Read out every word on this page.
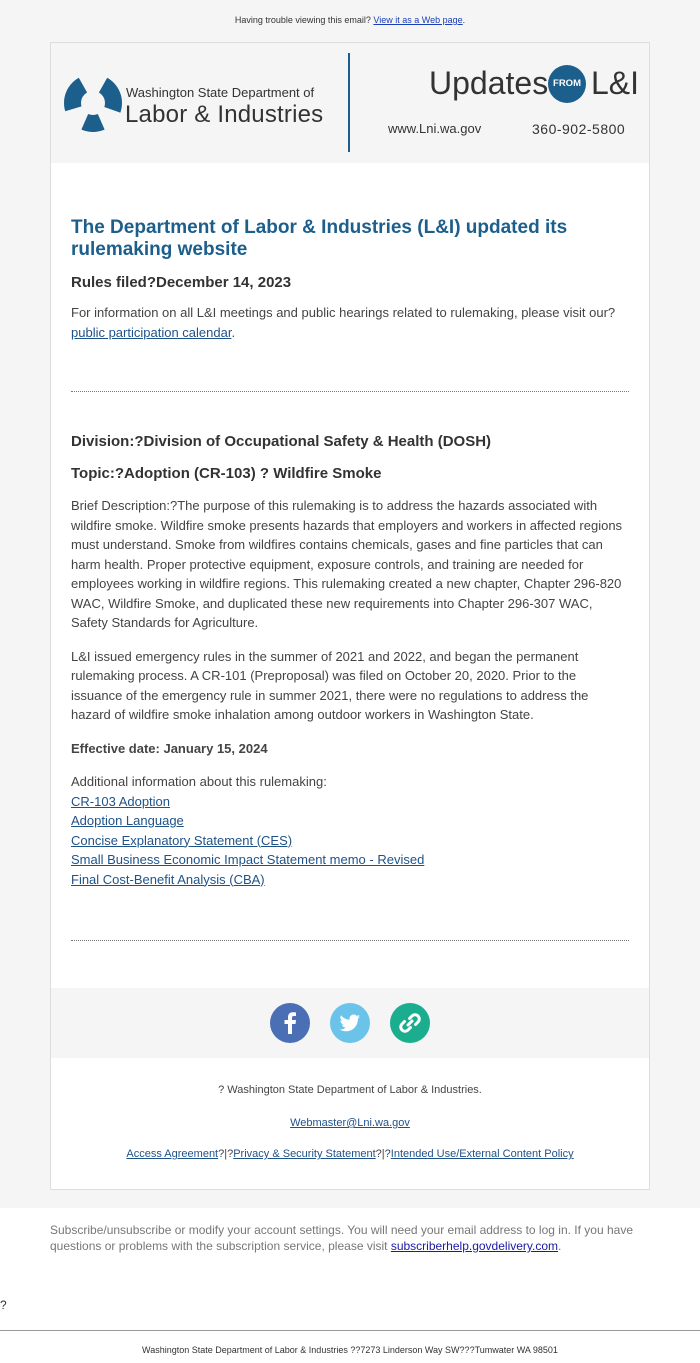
Having trouble viewing this email? View it as a Web page.
Washington State Department of
Labor & Industries
Updates FROM L&I
www.Lni.wa.gov	360-902-5800
The Department of Labor & Industries (L&I) updated its rulemaking website
Rules filed?December 14, 2023

For information on all L&I meetings and public hearings related to rulemaking, please visit our?public participation calendar.

Division:?Division of Occupational Safety & Health (DOSH)
Topic:?Adoption (CR-103) ? Wildfire Smoke

Brief Description:?The purpose of this rulemaking is to address the hazards associated with wildfire smoke. Wildfire smoke presents hazards that employers and workers in affected regions must understand. Smoke from wildfires contains chemicals, gases and fine particles that can harm health. Proper protective equipment, exposure controls, and training are needed for employees working in wildfire regions. This rulemaking created a new chapter, Chapter 296-820 WAC, Wildfire Smoke, and duplicated these new requirements into Chapter 296-307 WAC, Safety Standards for Agriculture.

L&I issued emergency rules in the summer of 2021 and 2022, and began the permanent rulemaking process. A CR-101 (Preproposal) was filed on October 20, 2020. Prior to the issuance of the emergency rule in summer 2021, there were no regulations to address the hazard of wildfire smoke inhalation among outdoor workers in Washington State.

Effective date: January 15, 2024

Additional information about this rulemaking:

CR-103 Adoption

Adoption Language

Concise Explanatory Statement (CES)

Small Business Economic Impact Statement memo - Revised

Final Cost-Benefit Analysis (CBA)

? Washington State Department of Labor & Industries.
Webmaster@Lni.wa.gov
Access Agreement?|?Privacy & Security Statement?|?Intended Use/External Content Policy
Subscribe/unsubscribe or modify your account settings. You will need your email address to log in. If you have questions or problems with the subscription service, please visit subscriberhelp.govdelivery.com.
?
Washington State Department of Labor & Industries ??7273 Linderson Way SW???Tumwater WA 98501
